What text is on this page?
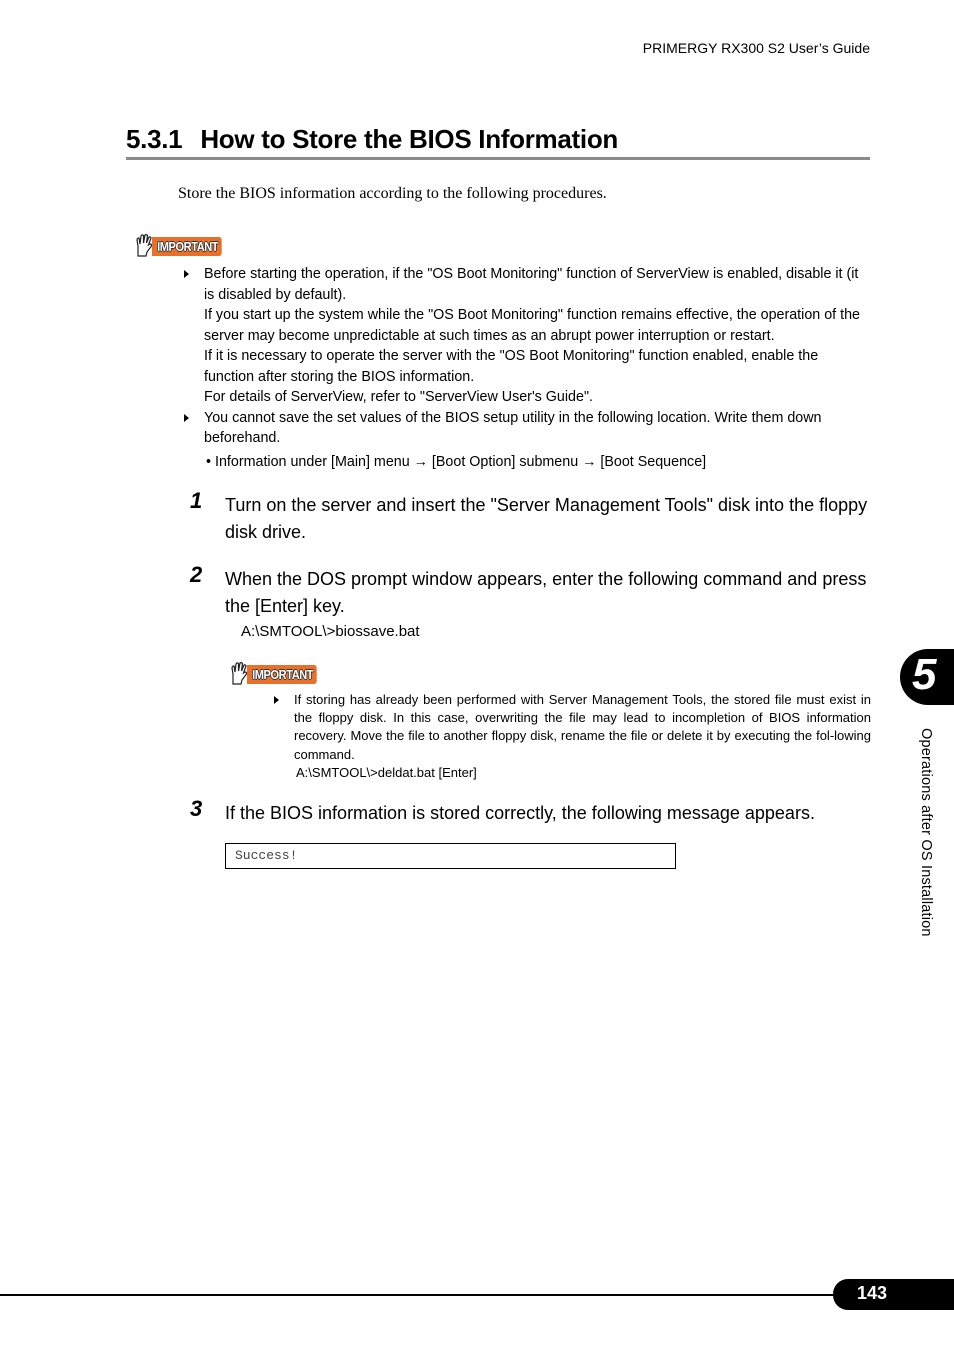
PRIMERGY RX300 S2 User’s Guide
5.3.1 How to Store the BIOS Information
Store the BIOS information according to the following procedures.
IMPORTANT
Before starting the operation, if the "OS Boot Monitoring" function of ServerView is enabled, disable it (it is disabled by default).
If you start up the system while the "OS Boot Monitoring" function remains effective, the operation of the server may become unpredictable at such times as an abrupt power interruption or restart.
If it is necessary to operate the server with the "OS Boot Monitoring" function enabled, enable the function after storing the BIOS information.
For details of ServerView, refer to "ServerView User's Guide".
You cannot save the set values of the BIOS setup utility in the following location. Write them down beforehand.
• Information under [Main] menu → [Boot Option] submenu → [Boot Sequence]
1 Turn on the server and insert the "Server Management Tools" disk into the floppy disk drive.
2 When the DOS prompt window appears, enter the following command and press the [Enter] key.
A:\SMTOOL\>biossave.bat
IMPORTANT
If storing has already been performed with Server Management Tools, the stored file must exist in the floppy disk. In this case, overwriting the file may lead to incompletion of BIOS information recovery. Move the file to another floppy disk, rename the file or delete it by executing the fol-lowing command.
A:\SMTOOL\>deldat.bat [Enter]
3 If the BIOS information is stored correctly, the following message appears.
Success!
5
Operations after OS Installation
143
